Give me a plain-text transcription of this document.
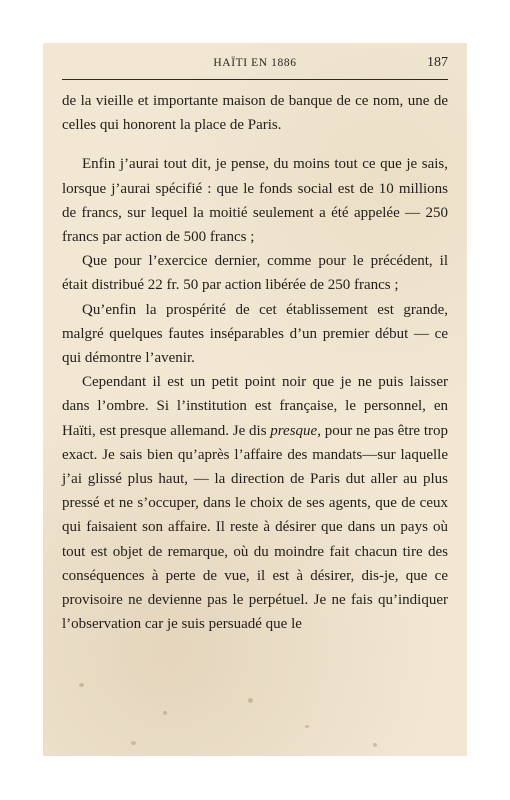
HAÏTI EN 1886	187

de la vieille et importante maison de banque de ce nom, une de celles qui honorent la place de Paris.

Enfin j’aurai tout dit, je pense, du moins tout ce que je sais, lorsque j’aurai spécifié : que le fonds social est de 10 millions de francs, sur lequel la moitié seulement a été appelée — 250 francs par action de 500 francs ;

Que pour l’exercice dernier, comme pour le précédent, il était distribué 22 fr. 50 par action libérée de 250 francs ;

Qu’enfin la prospérité de cet établissement est grande, malgré quelques fautes inséparables d’un premier début — ce qui démontre l’avenir.

Cependant il est un petit point noir que je ne puis laisser dans l’ombre. Si l’institution est française, le personnel, en Haïti, est presque allemand. Je dis presque, pour ne pas être trop exact. Je sais bien qu’après l’affaire des mandats—sur laquelle j’ai glissé plus haut, — la direction de Paris dut aller au plus pressé et ne s’occuper, dans le choix de ses agents, que de ceux qui faisaient son affaire. Il reste à désirer que dans un pays où tout est objet de remarque, où du moindre fait chacun tire des conséquences à perte de vue, il est à désirer, dis-je, que ce provisoire ne devienne pas le perpétuel. Je ne fais qu’indiquer l’observation car je suis persuadé que le
